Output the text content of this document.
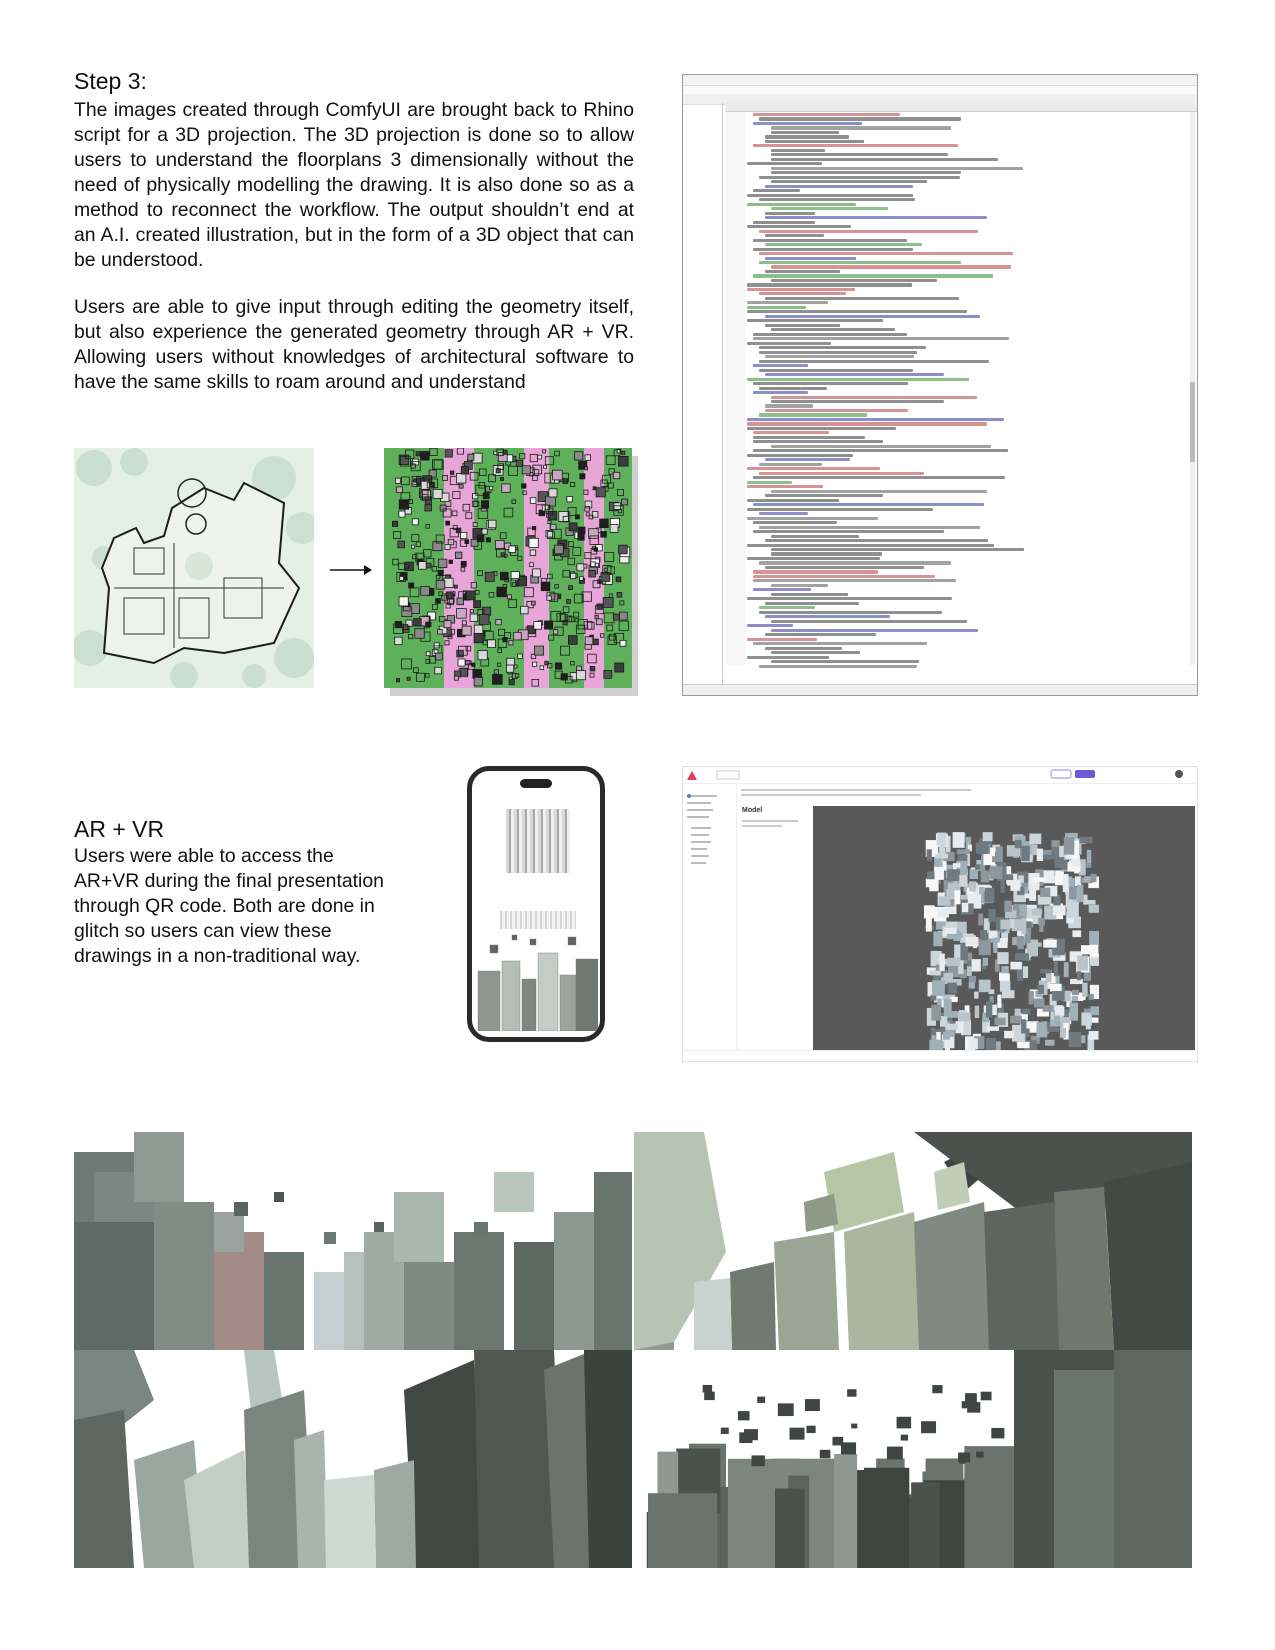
Step 3:

The images created through ComfyUI are brought back to Rhino script for a 3D projection. The 3D projection is done so to allow users to understand the floorplans 3 dimensionally without the need of physically modelling the drawing. It is also done so as a method to reconnect the workflow. The output shouldn’t end at an A.I. created illustration, but in the form of a 3D object that can be understood.

Users are able to give input through editing the geometry itself, but also experience the generated geometry through AR + VR. Allowing users without knowledges of architectural software to have the same skills to roam around and understand

AR + VR
Users were able to access the AR+VR during the final presentation through QR code. Both are done in glitch so users can view these drawings in a non-traditional way.
Model
